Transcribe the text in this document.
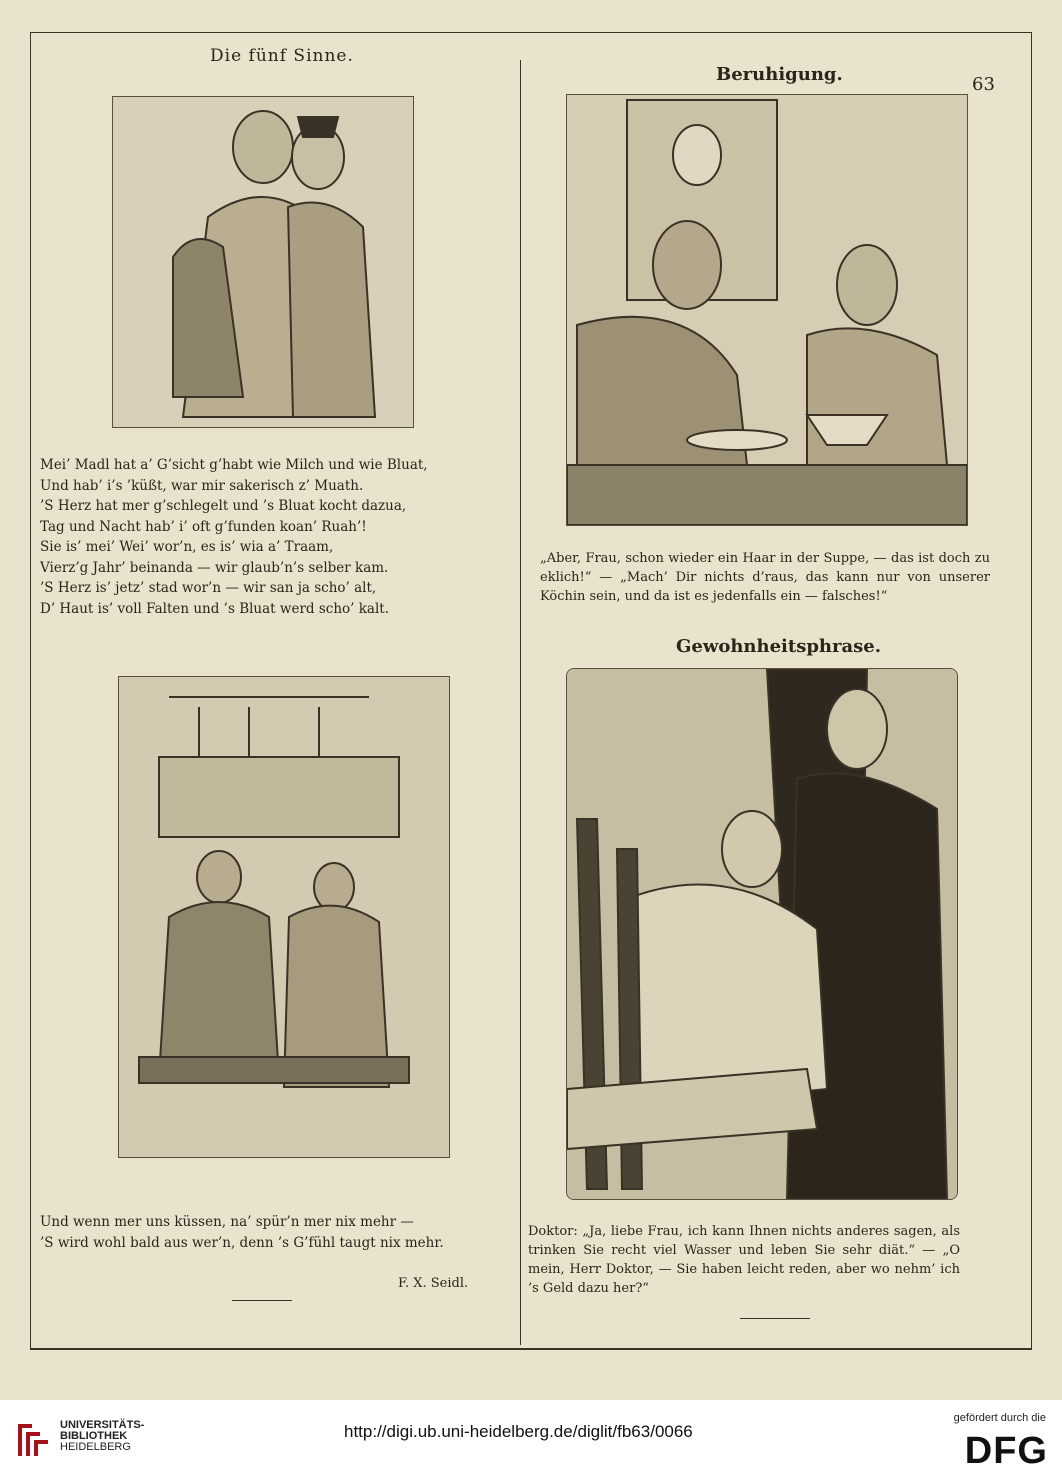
63
Die fünf Sinne.
Mei’ Madl hat a’ G’sicht g’habt wie Milch und wie Bluat,
Und hab’ i’s ’küßt, war mir sakerisch z’ Muath.
’S Herz hat mer g’schlegelt und ’s Bluat kocht dazua,
Tag und Nacht hab’ i’ oft g’funden koan’ Ruah’!
Sie is’ mei’ Wei’ wor’n, es is’ wia a’ Traam,
Vierz’g Jahr’ beinanda — wir glaub’n’s selber kam.
’S Herz is’ jetz’ stad wor’n — wir san ja scho’ alt,
D’ Haut is’ voll Falten und ’s Bluat werd scho’ kalt.
Und wenn mer uns küssen, na’ spür’n mer nix mehr —
’S wird wohl bald aus wer’n, denn ’s G’fühl taugt nix mehr.
F. X. Seidl.
Beruhigung.
„Aber, Frau, schon wieder ein Haar in der Suppe, — das ist doch zu eklich!“ — „Mach’ Dir nichts d’raus, das kann nur von unserer Köchin sein, und da ist es jedenfalls ein — falsches!“
Gewohnheitsphrase.
Doktor: „Ja, liebe Frau, ich kann Ihnen nichts anderes sagen, als trinken Sie recht viel Wasser und leben Sie sehr diät.“ — „O mein, Herr Doktor, — Sie haben leicht reden, aber wo nehm’ ich ’s Geld dazu her?“
UNIVERSITÄTS-
BIBLIOTHEK
HEIDELBERG
http://digi.ub.uni-heidelberg.de/diglit/fb63/0066
gefördert durch die
DFG
